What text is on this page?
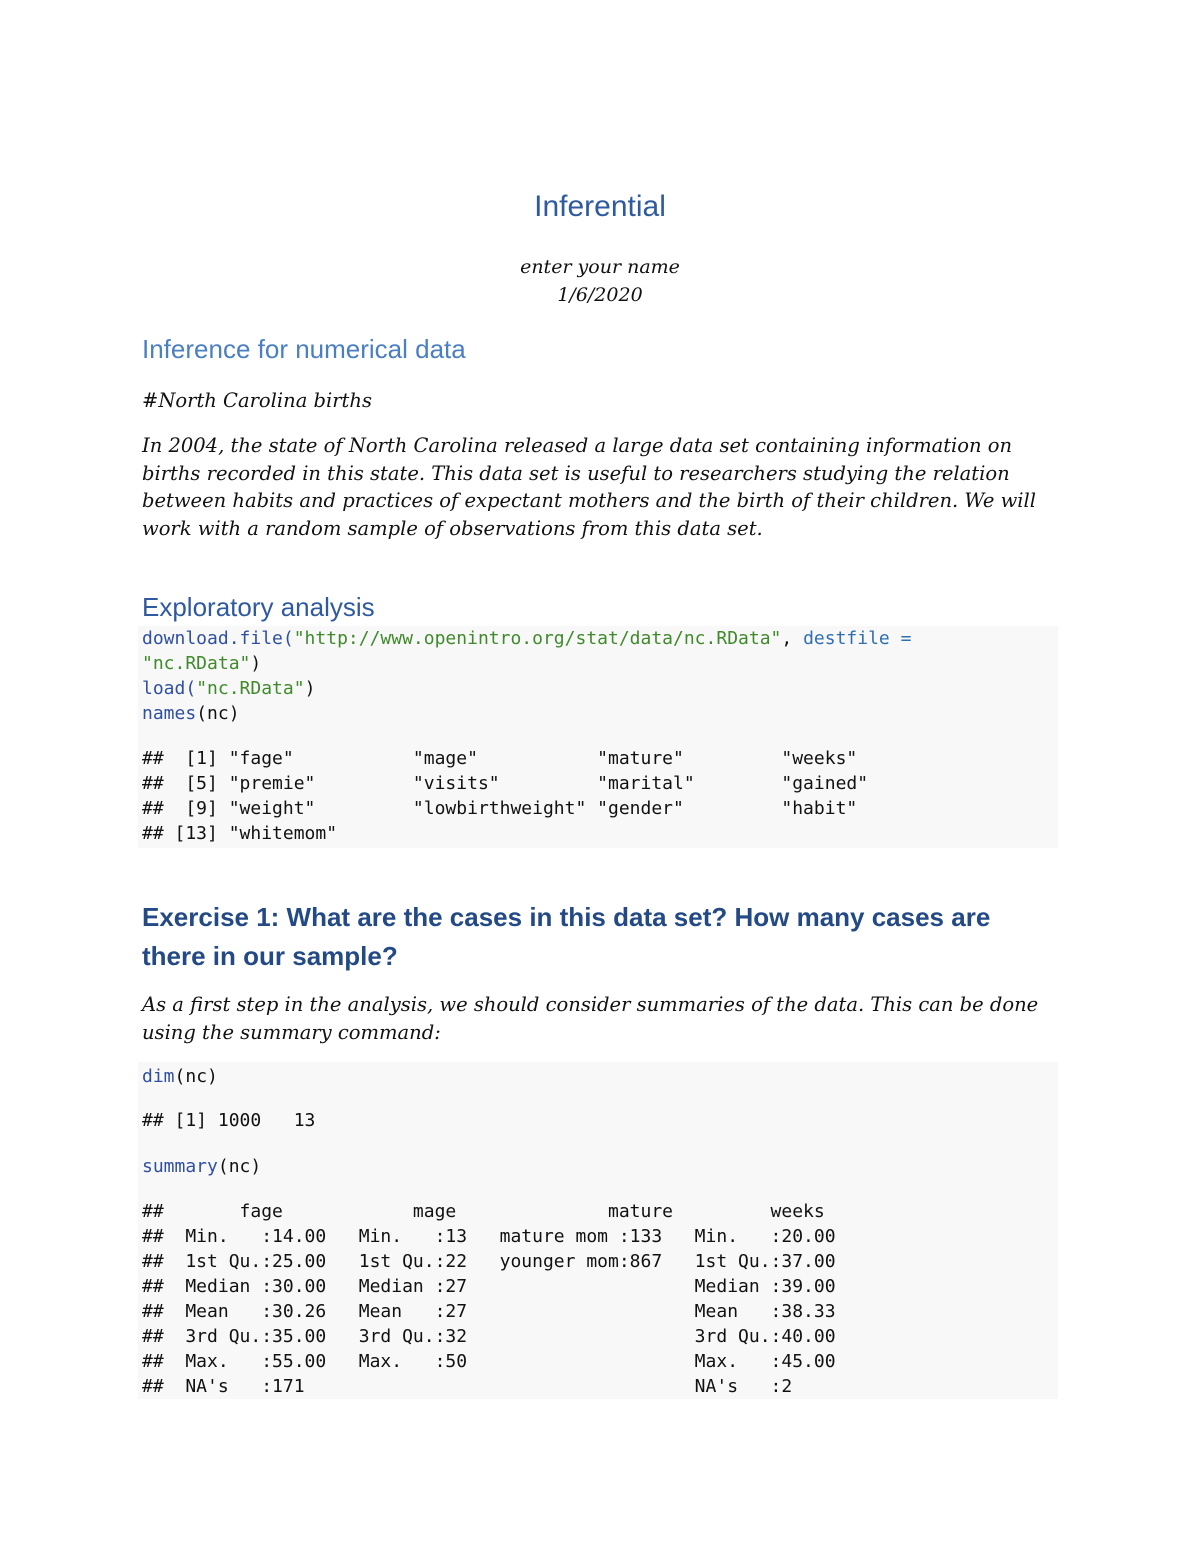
Inferential

enter your name

1/6/2020

Inference for numerical data

#North Carolina births

In 2004, the state of North Carolina released a large data set containing information on births recorded in this state. This data set is useful to researchers studying the relation between habits and practices of expectant mothers and the birth of their children. We will work with a random sample of observations from this data set.

Exploratory analysis
download.file("http://www.openintro.org/stat/data/nc.RData", destfile =
"nc.RData")
load("nc.RData")
names(nc)
##  [1] "fage"           "mage"           "mature"         "weeks"
##  [5] "premie"         "visits"         "marital"        "gained"
##  [9] "weight"         "lowbirthweight" "gender"         "habit"
## [13] "whitemom"
Exercise 1: What are the cases in this data set? How many cases are there in our sample?

As a first step in the analysis, we should consider summaries of the data. This can be done using the summary command:

dim(nc)
## [1] 1000   13
summary(nc)
##       fage            mage              mature         weeks
##  Min.   :14.00   Min.   :13   mature mom :133   Min.   :20.00
##  1st Qu.:25.00   1st Qu.:22   younger mom:867   1st Qu.:37.00
##  Median :30.00   Median :27                     Median :39.00
##  Mean   :30.26   Mean   :27                     Mean   :38.33
##  3rd Qu.:35.00   3rd Qu.:32                     3rd Qu.:40.00
##  Max.   :55.00   Max.   :50                     Max.   :45.00
##  NA's   :171                                    NA's   :2
